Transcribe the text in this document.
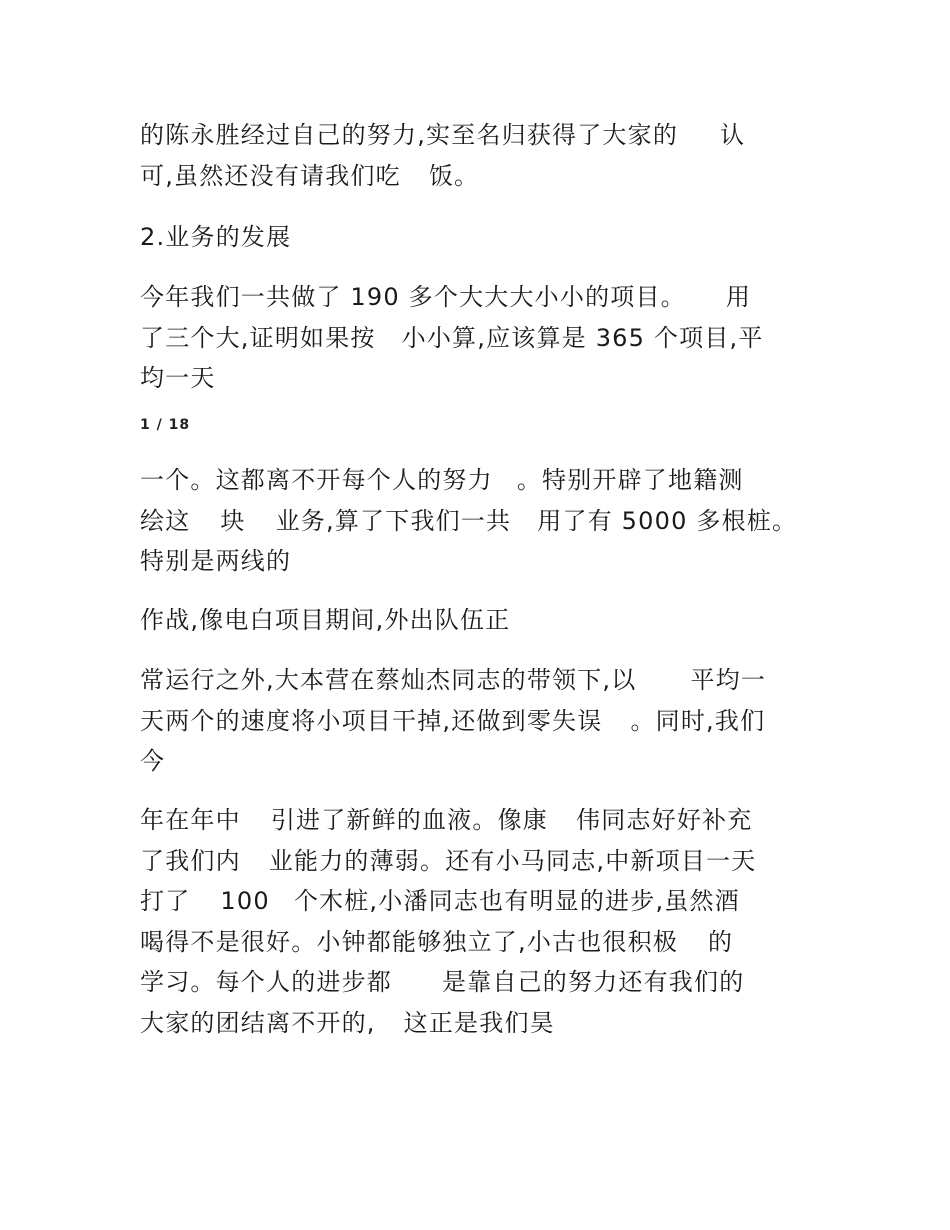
的陈永胜经过自己的努力,实至名归获得了大家的 认
可,虽然还没有请我们吃 饭。
2.业务的发展
今年我们一共做了 190 多个大大大小小的项目。 用
了三个大,证明如果按 小小算,应该算是 365 个项目,平
均一天
1 / 18
一个。这都离不开每个人的努力 。特别开辟了地籍测
绘这 块 业务,算了下我们一共 用了有 5000 多根桩。
特别是两线的
作战,像电白项目期间,外出队伍正
常运行之外,大本营在蔡灿杰同志的带领下,以 平均一
天两个的速度将小项目干掉,还做到零失误 。同时,我们
今
年在年中 引进了新鲜的血液。像康 伟同志好好补充
了我们内 业能力的薄弱。还有小马同志,中新项目一天
打了 100 个木桩,小潘同志也有明显的进步,虽然酒
喝得不是很好。小钟都能够独立了,小古也很积极 的
学习。每个人的进步都 是靠自己的努力还有我们的
大家的团结离不开的, 这正是我们昊
